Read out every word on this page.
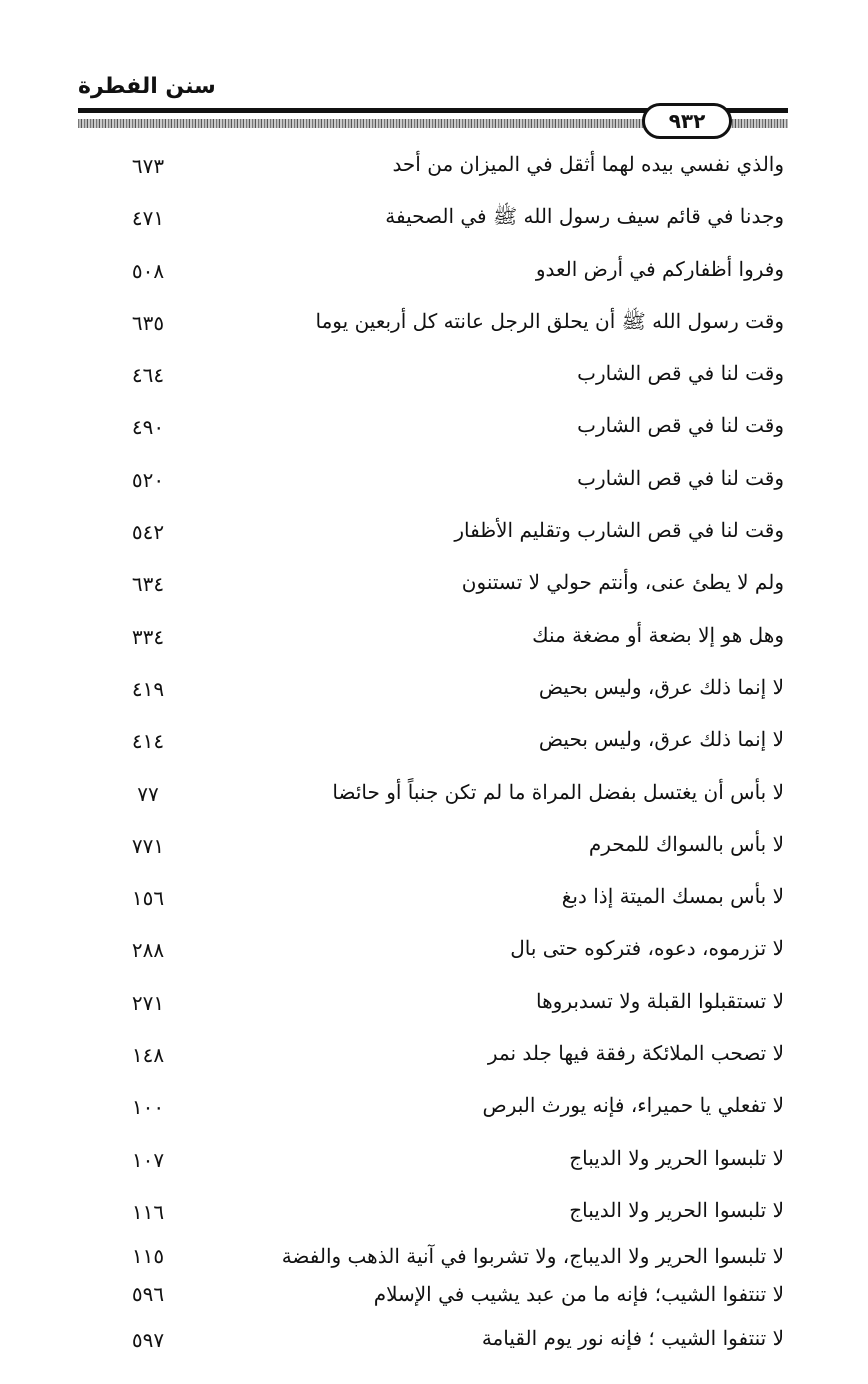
سنن الفطرة
٩٣٢
والذي نفسي بيده لهما أثقل في الميزان من أحد
٦٧٣
وجدنا في قائم سيف رسول الله ﷺ في الصحيفة
٤٧١
وفروا أظفاركم في أرض العدو
٥٠٨
وقت رسول الله ﷺ أن يحلق الرجل عانته كل أربعين يوما
٦٣٥
وقت لنا في قص الشارب
٤٦٤
وقت لنا في قص الشارب
٤٩٠
وقت لنا في قص الشارب
٥٢٠
وقت لنا في قص الشارب وتقليم الأظفار
٥٤٢
ولم لا يطئ عنى، وأنتم حولي لا تستنون
٦٣٤
وهل هو إلا بضعة أو مضغة منك
٣٣٤
لا إنما ذلك عرق، وليس بحيض
٤١٩
لا إنما ذلك عرق، وليس بحيض
٤١٤
لا بأس أن يغتسل بفضل المراة ما لم تكن جنباً أو حائضا
٧٧
لا بأس بالسواك للمحرم
٧٧١
لا بأس بمسك الميتة إذا دبغ
١٥٦
لا تزرموه، دعوه، فتركوه حتى بال
٢٨٨
لا تستقبلوا القبلة ولا تسدبروها
٢٧١
لا تصحب الملائكة رفقة فيها جلد نمر
١٤٨
لا تفعلي يا حميراء، فإنه يورث البرص
١٠٠
لا تلبسوا الحرير ولا الديباج
١٠٧
لا تلبسوا الحرير ولا الديباج
١١٦
لا تلبسوا الحرير ولا الديباج، ولا تشربوا في آنية الذهب والفضة
١١٥
لا تنتفوا الشيب؛ فإنه ما من عبد يشيب في الإسلام
٥٩٦
لا تنتفوا الشيب ؛ فإنه نور يوم القيامة
٥٩٧
